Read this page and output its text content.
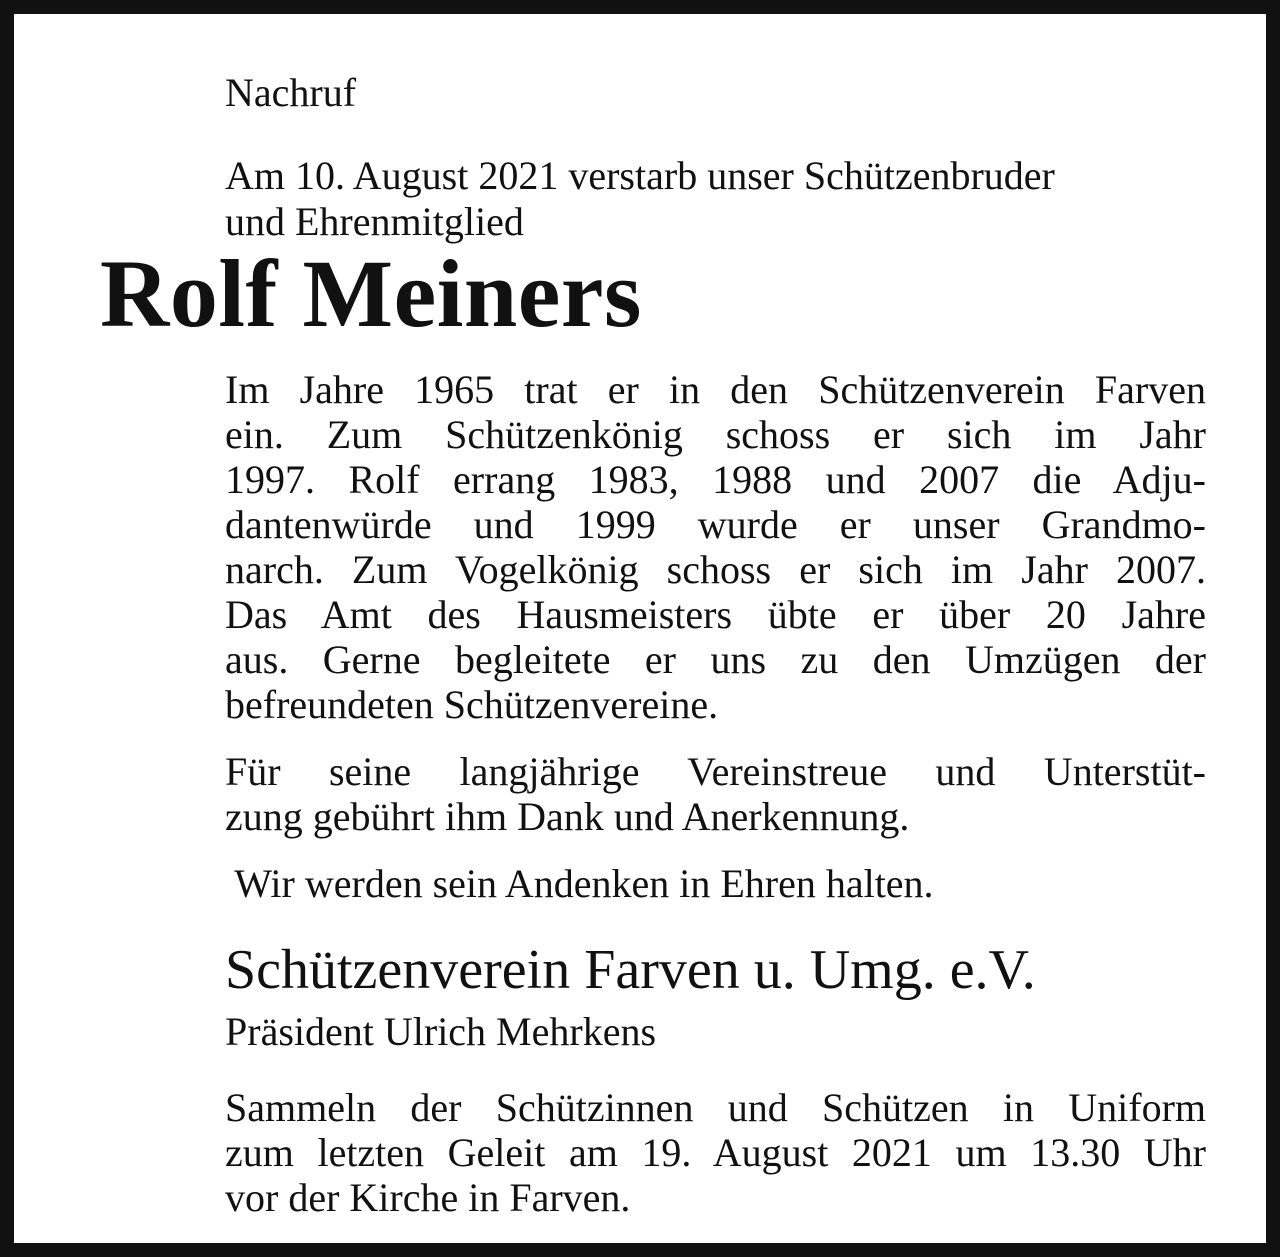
Nachruf

Am 10. August 2021 verstarb unser Schützenbruder

und Ehrenmitglied

Rolf Meiners

Im Jahre 1965 trat er in den Schützenverein Farven

ein. Zum Schützenkönig schoss er sich im Jahr

1997. Rolf errang 1983, 1988 und 2007 die Adju-

dantenwürde und 1999 wurde er unser Grandmo-

narch. Zum Vogelkönig schoss er sich im Jahr 2007.

Das Amt des Hausmeisters übte er über 20 Jahre

aus. Gerne begleitete er uns zu den Umzügen der

befreundeten Schützenvereine.

Für seine langjährige Vereinstreue und Unterstüt-

zung gebührt ihm Dank und Anerkennung.

Wir werden sein Andenken in Ehren halten.

Schützenverein Farven u. Umg. e.V.

Präsident Ulrich Mehrkens

Sammeln der Schützinnen und Schützen in Uniform

zum letzten Geleit am 19. August 2021 um 13.30 Uhr

vor der Kirche in Farven.
